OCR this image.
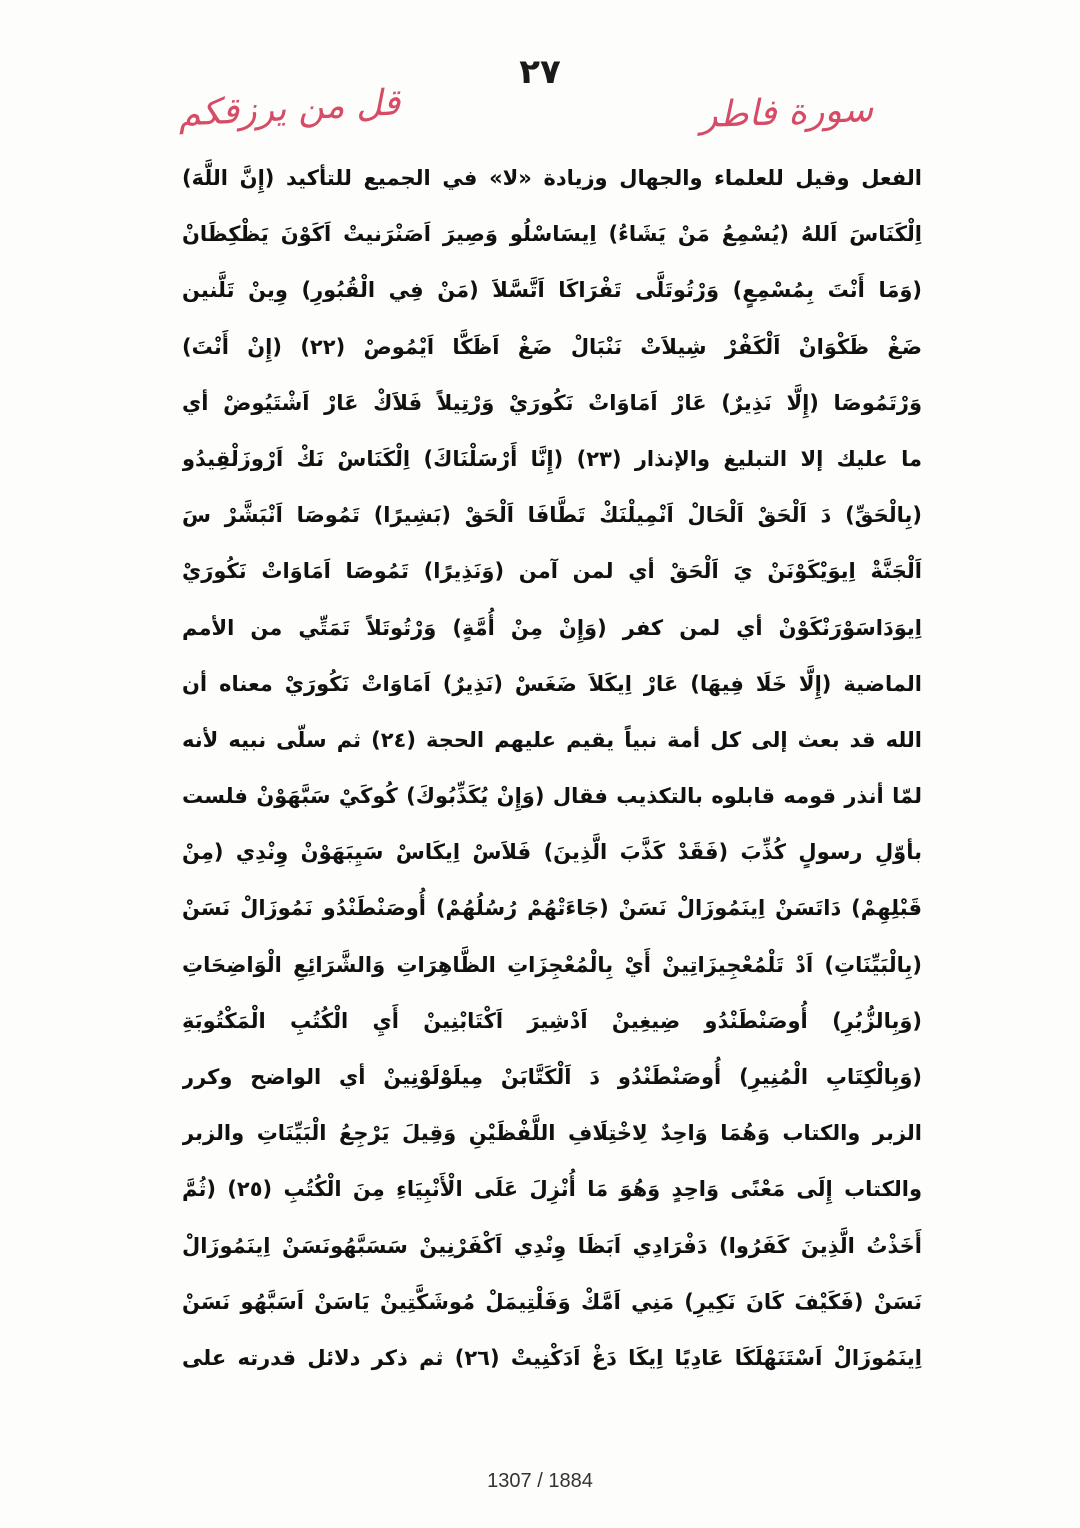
٢٧
قل من يرزقكم	سورة فاطر
الفعل وقيل للعلماء والجهال وزيادة «لا» في الجميع للتأكيد (إِنَّ اللَّهَ)
اِلْكَنَاسَ اَللهُ (يُسْمِعُ مَنْ يَشَاءُ) اِيسَاسْلُو وَصِيرَ اَصَنْرَنيتْ اَكَوْنَ يَظْكِظَانْ
(وَمَا أَنْتَ بِمُسْمِعٍ) وَرْتُوتَلَّى تَفْرَاكَا اَتَّسَّلاَ (مَنْ فِي الْقُبُورِ) وِينْ تَلَّنين
ضَغْ ظَكْوَانْ اَلْكَفْرْ شِيلاَتْ نَنْبَالْ ضَغْ اَظَكَّا اَيْمُوصْ (٢٢) (إِنْ أَنْتَ)
وَرْتَمُوصَا (إِلَّا نَذِيرٌ) عَارْ اَمَاوَاتْ نَكُورَيْ وَرْتِيلاً فَلاَكْ عَارْ اَشْتَيُوضْ أي
ما عليك إلا التبليغ والإنذار (٢٣) (إِنَّا أَرْسَلْنَاكَ) اِلْكَنَاسْ نَكْ اَرْوزَلْقِيدُو
(بِالْحَقِّ) دَ اَلْحَقْ اَلْحَالْ اَنْمِيلْنَكْ تَطَّافَا اَلْحَقْ (بَشِيرًا) تَمُوصَا اَنْبَشَّرْ سَ
اَلْجَنَّةْ اِيوَيْكَوْنَنْ يَ اَلْحَقْ أي لمن آمن (وَنَذِيرًا) تَمُوصَا اَمَاوَاتْ نَكُورَيْ
اِيوَدَاسَوْرَنْكَوْنْ أي لمن كفر (وَإِنْ مِنْ أُمَّةٍ) وَرْتُوتَلاً تَمَتِّي من الأمم
الماضية (إِلَّا خَلَا فِيهَا) عَارْ اِيكَلاَ ضَغَسْ (نَذِيرٌ) اَمَاوَاتْ نَكُورَيْ معناه أن
الله قد بعث إلى كل أمة نبياً يقيم عليهم الحجة (٢٤) ثم سلّى نبيه لأنه
لمّا أنذر قومه قابلوه بالتكذيب فقال (وَإِنْ يُكَذِّبُوكَ) كُوكَيْ سَبَّهَوْنْ فلست
بأوّلِ رسولٍ كُذِّبَ (فَقَدْ كَذَّبَ الَّذِينَ) فَلاَسْ اِيكَاسْ سَيِبَهَوْنْ وِنْدِي (مِنْ
قَبْلِهِمْ) دَاتَسَنْ اِينَمُوزَالْ نَسَنْ (جَاءَتْهُمْ رُسُلُهُمْ) أُوصَنْطَنْدُو نَمُوزَالْ نَسَنْ
(بِالْبَيِّنَاتِ) اَدْ تَلْمُعْجِيزَاتِينْ أَيْ بِالْمُعْجِزَاتِ الظَّاهِرَاتِ وَالشَّرَائِعِ الْوَاضِحَاتِ
(وَبِالزُّبُرِ) أُوصَنْطَنْدُو ضِيغِينْ اَدْشِيرَ اَكْتَابْنِينْ أَيِ الْكُتُبِ الْمَكْتُوبَةِ
(وَبِالْكِتَابِ الْمُنِيرِ) أُوصَنْطَنْدُو دَ اَلْكَتَّابَنْ مِيلَوْلَوْنِينْ أي الواضح وكرر
الزبر والكتاب وَهُمَا وَاحِدٌ لِاخْتِلَافِ اللَّفْظَيْنِ وَقِيلَ يَرْجِعُ الْبَيِّنَاتِ والزبر
والكتاب إِلَى مَعْنًى وَاحِدٍ وَهُوَ مَا أُنْزِلَ عَلَى الْأَنْبِيَاءِ مِنَ الْكُتُبِ (٢٥) (ثُمَّ
أَخَذْتُ الَّذِينَ كَفَرُوا) دَفْرَادِي اَبَظَا وِنْدِي اَكْفَرْنِينْ سَسَبَّهُونَسَنْ اِينَمُوزَالْ
نَسَنْ (فَكَيْفَ كَانَ نَكِيرِ) مَنِي اَمَّكْ وَفَلْتِيمَلْ مُوشَكَّتِينْ يَاسَنْ اَسَبَّهُو نَسَنْ
اِينَمُوزَالْ اَسْتَنَهْلَكَا عَادِيًا اِيكَا دَغْ اَدَكْنِيتْ (٢٦) ثم ذكر دلائل قدرته على
1307 / 1884
